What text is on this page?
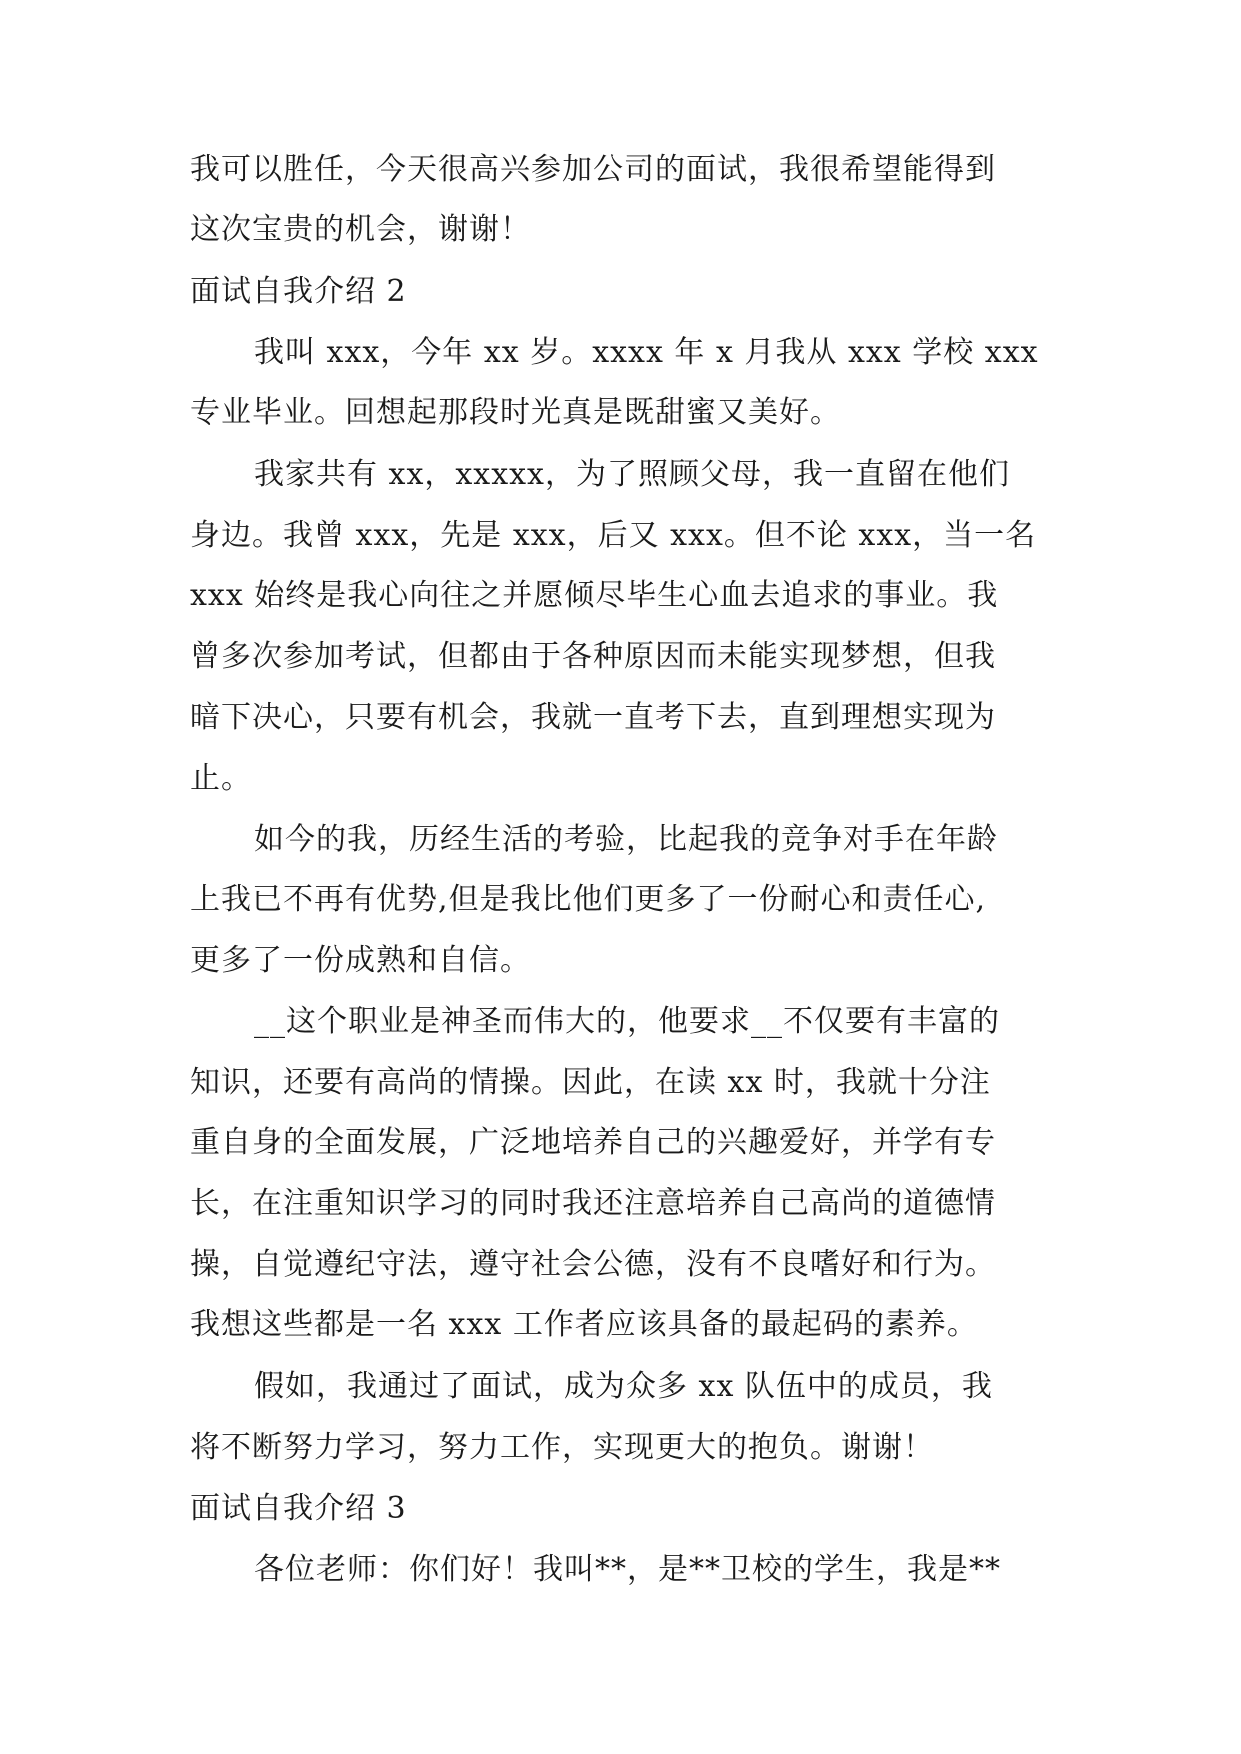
我可以胜任，今天很高兴参加公司的面试，我很希望能得到
这次宝贵的机会，谢谢！
面试自我介绍 2
我叫 xxx，今年 xx 岁。xxxx 年 x 月我从 xxx 学校 xxx
专业毕业。回想起那段时光真是既甜蜜又美好。
我家共有 xx，xxxxx，为了照顾父母，我一直留在他们
身边。我曾 xxx，先是 xxx，后又 xxx。但不论 xxx，当一名
xxx 始终是我心向往之并愿倾尽毕生心血去追求的事业。我
曾多次参加考试，但都由于各种原因而未能实现梦想，但我
暗下决心，只要有机会，我就一直考下去，直到理想实现为
止。
如今的我，历经生活的考验，比起我的竞争对手在年龄
上我已不再有优势,但是我比他们更多了一份耐心和责任心,
更多了一份成熟和自信。
__这个职业是神圣而伟大的，他要求__不仅要有丰富的
知识，还要有高尚的情操。因此，在读 xx 时，我就十分注
重自身的全面发展，广泛地培养自己的兴趣爱好，并学有专
长，在注重知识学习的同时我还注意培养自己高尚的道德情
操，自觉遵纪守法，遵守社会公德，没有不良嗜好和行为。
我想这些都是一名 xxx 工作者应该具备的最起码的素养。
假如，我通过了面试，成为众多 xx 队伍中的成员，我
将不断努力学习，努力工作，实现更大的抱负。谢谢！
面试自我介绍 3
各位老师：你们好！我叫**，是**卫校的学生，我是**
